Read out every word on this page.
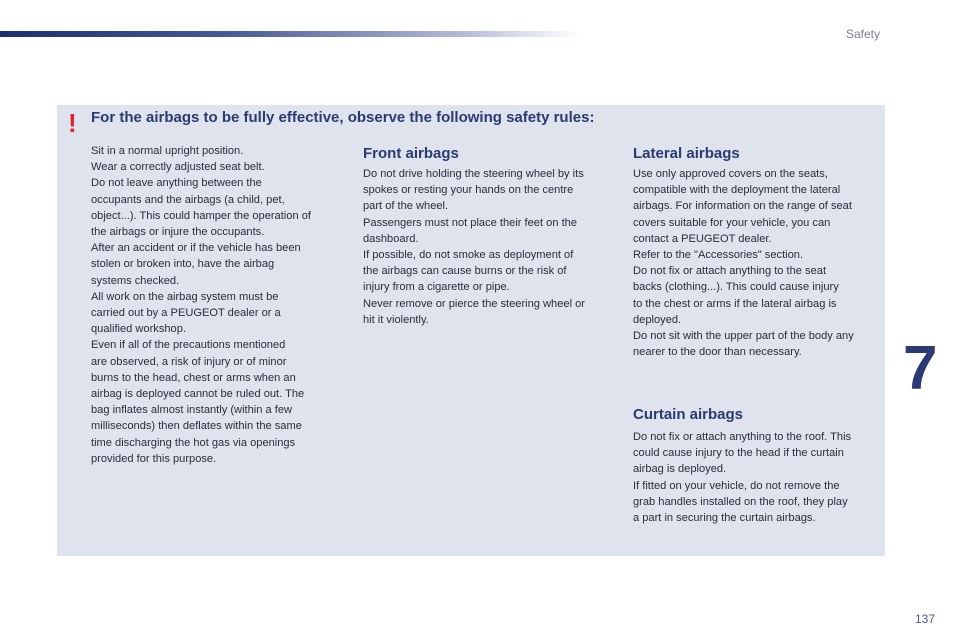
Safety
! For the airbags to be fully effective, observe the following safety rules:
Sit in a normal upright position.
Wear a correctly adjusted seat belt.
Do not leave anything between the
occupants and the airbags (a child, pet,
object...). This could hamper the operation of
the airbags or injure the occupants.
After an accident or if the vehicle has been
stolen or broken into, have the airbag
systems checked.
All work on the airbag system must be
carried out by a PEUGEOT dealer or a
qualified workshop.
Even if all of the precautions mentioned
are observed, a risk of injury or of minor
burns to the head, chest or arms when an
airbag is deployed cannot be ruled out. The
bag inflates almost instantly (within a few
milliseconds) then deflates within the same
time discharging the hot gas via openings
provided for this purpose.
Front airbags
Do not drive holding the steering wheel by its
spokes or resting your hands on the centre
part of the wheel.
Passengers must not place their feet on the
dashboard.
If possible, do not smoke as deployment of
the airbags can cause burns or the risk of
injury from a cigarette or pipe.
Never remove or pierce the steering wheel or
hit it violently.
Lateral airbags
Use only approved covers on the seats,
compatible with the deployment the lateral
airbags. For information on the range of seat
covers suitable for your vehicle, you can
contact a PEUGEOT dealer.
Refer to the "Accessories" section.
Do not fix or attach anything to the seat
backs (clothing...). This could cause injury
to the chest or arms if the lateral airbag is
deployed.
Do not sit with the upper part of the body any
nearer to the door than necessary.
Curtain airbags
Do not fix or attach anything to the roof. This
could cause injury to the head if the curtain
airbag is deployed.
If fitted on your vehicle, do not remove the
grab handles installed on the roof, they play
a part in securing the curtain airbags.
7
137
